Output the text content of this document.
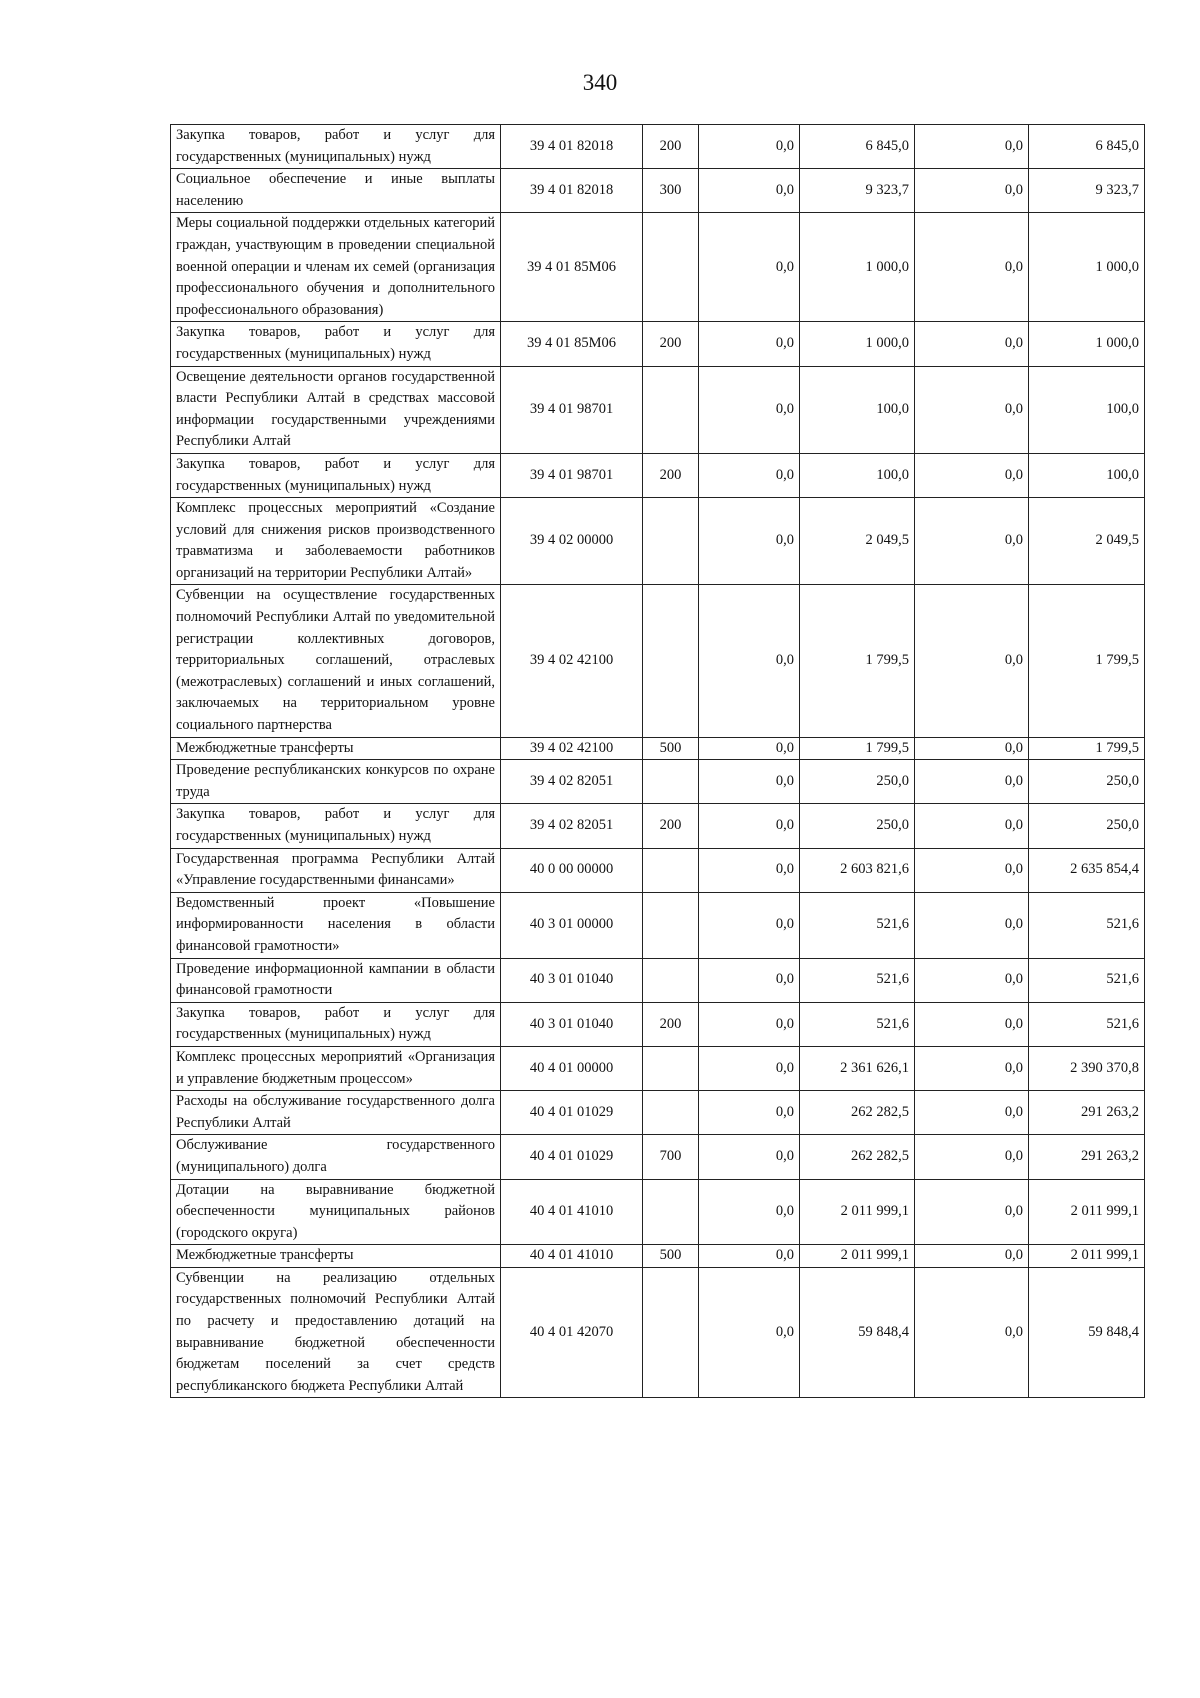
340
Закупка товаров, работ и услуг для государственных (муниципальных) нужд	39 4 01 82018	200	0,0	6 845,0	0,0	6 845,0
Социальное обеспечение и иные выплаты населению	39 4 01 82018	300	0,0	9 323,7	0,0	9 323,7
Меры социальной поддержки отдельных категорий граждан, участвующим в проведении специальной военной операции и членам их семей (организация профессионального обучения и дополнительного профессионального образования)	39 4 01 85М06		0,0	1 000,0	0,0	1 000,0
Закупка товаров, работ и услуг для государственных (муниципальных) нужд	39 4 01 85М06	200	0,0	1 000,0	0,0	1 000,0
Освещение деятельности органов государственной власти Республики Алтай в средствах массовой информации государственными учреждениями Республики Алтай	39 4 01 98701		0,0	100,0	0,0	100,0
Закупка товаров, работ и услуг для государственных (муниципальных) нужд	39 4 01 98701	200	0,0	100,0	0,0	100,0
Комплекс процессных мероприятий «Создание условий для снижения рисков производственного травматизма и заболеваемости работников организаций на территории Республики Алтай»	39 4 02 00000		0,0	2 049,5	0,0	2 049,5
Субвенции на осуществление государственных полномочий Республики Алтай по уведомительной регистрации коллективных договоров, территориальных соглашений, отраслевых (межотраслевых) соглашений и иных соглашений, заключаемых на территориальном уровне социального партнерства	39 4 02 42100		0,0	1 799,5	0,0	1 799,5
Межбюджетные трансферты	39 4 02 42100	500	0,0	1 799,5	0,0	1 799,5
Проведение республиканских конкурсов по охране труда	39 4 02 82051		0,0	250,0	0,0	250,0
Закупка товаров, работ и услуг для государственных (муниципальных) нужд	39 4 02 82051	200	0,0	250,0	0,0	250,0
Государственная программа Республики Алтай «Управление государственными финансами»	40 0 00 00000		0,0	2 603 821,6	0,0	2 635 854,4
Ведомственный проект «Повышение информированности населения в области финансовой грамотности»	40 3 01 00000		0,0	521,6	0,0	521,6
Проведение информационной кампании в области финансовой грамотности	40 3 01 01040		0,0	521,6	0,0	521,6
Закупка товаров, работ и услуг для государственных (муниципальных) нужд	40 3 01 01040	200	0,0	521,6	0,0	521,6
Комплекс процессных мероприятий «Организация и управление бюджетным процессом»	40 4 01 00000		0,0	2 361 626,1	0,0	2 390 370,8
Расходы на обслуживание государственного долга Республики Алтай	40 4 01 01029		0,0	262 282,5	0,0	291 263,2
Обслуживание государственного (муниципального) долга	40 4 01 01029	700	0,0	262 282,5	0,0	291 263,2
Дотации на выравнивание бюджетной обеспеченности муниципальных районов (городского округа)	40 4 01 41010		0,0	2 011 999,1	0,0	2 011 999,1
Межбюджетные трансферты	40 4 01 41010	500	0,0	2 011 999,1	0,0	2 011 999,1
Субвенции на реализацию отдельных государственных полномочий Республики Алтай по расчету и предоставлению дотаций на выравнивание бюджетной обеспеченности бюджетам поселений за счет средств республиканского бюджета Республики Алтай	40 4 01 42070		0,0	59 848,4	0,0	59 848,4
